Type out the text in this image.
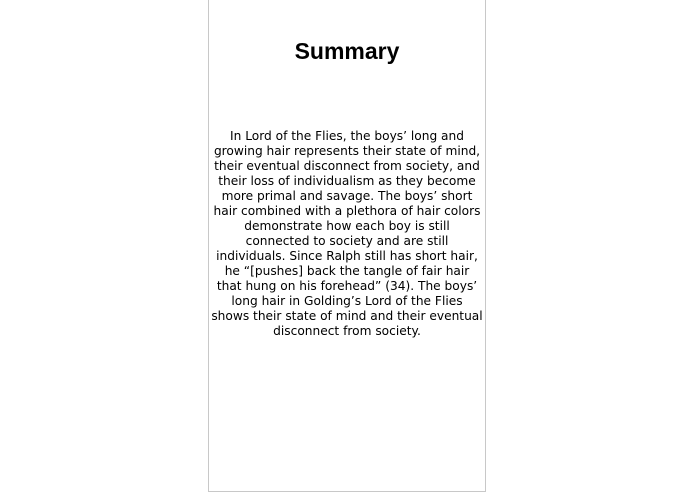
Summary

In Lord of the Flies, the boys’ long and growing hair represents their state of mind, their eventual disconnect from society, and their loss of individualism as they become more primal and savage. The boys’ short hair combined with a plethora of hair colors demonstrate how each boy is still connected to society and are still individuals. Since Ralph still has short hair, he “[pushes] back the tangle of fair hair that hung on his forehead” (34). The boys’ long hair in Golding’s Lord of the Flies shows their state of mind and their eventual disconnect from society.
